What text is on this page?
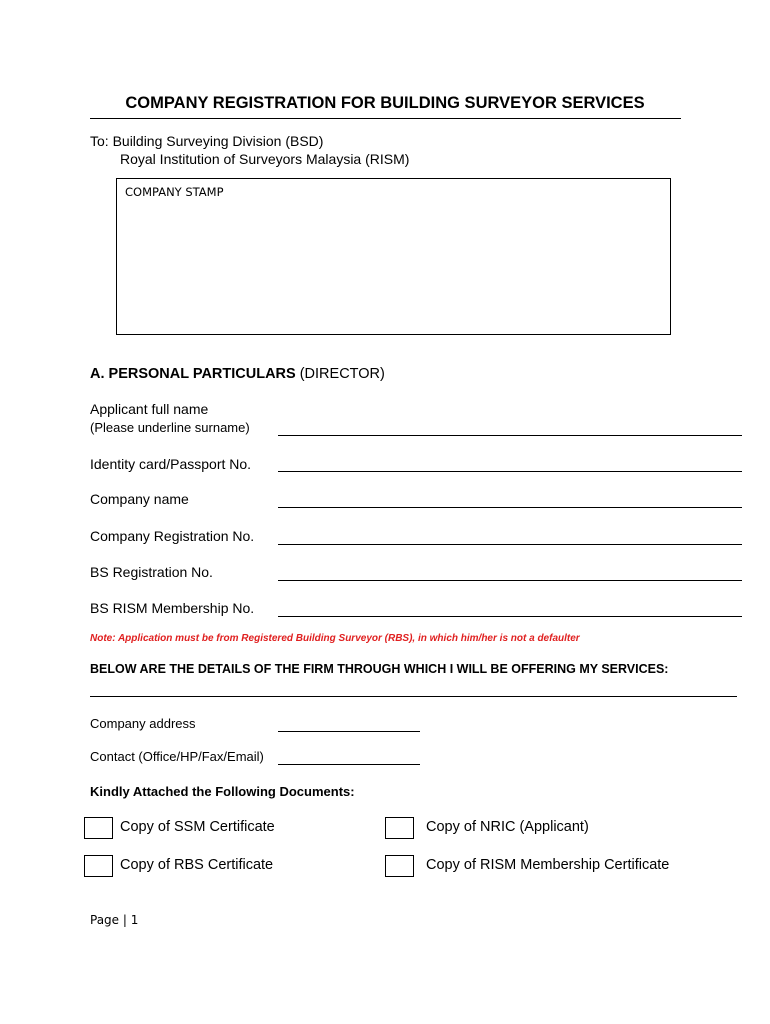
COMPANY REGISTRATION FOR BUILDING SURVEYOR SERVICES
To: Building Surveying Division (BSD)
Royal Institution of Surveyors Malaysia (RISM)
COMPANY STAMP
A. PERSONAL PARTICULARS (DIRECTOR)
Applicant full name
(Please underline surname)
Identity card/Passport No.
Company name
Company Registration No.
BS Registration No.
BS RISM Membership No.
Note: Application must be from Registered Building Surveyor (RBS), in which him/her is not a defaulter
BELOW ARE THE DETAILS OF THE FIRM THROUGH WHICH I WILL BE OFFERING MY SERVICES:
Company address
Contact (Office/HP/Fax/Email)
Kindly Attached the Following Documents:
Copy of SSM Certificate	Copy of NRIC (Applicant)
Copy of RBS Certificate	Copy of RISM Membership Certificate
Page | 1
